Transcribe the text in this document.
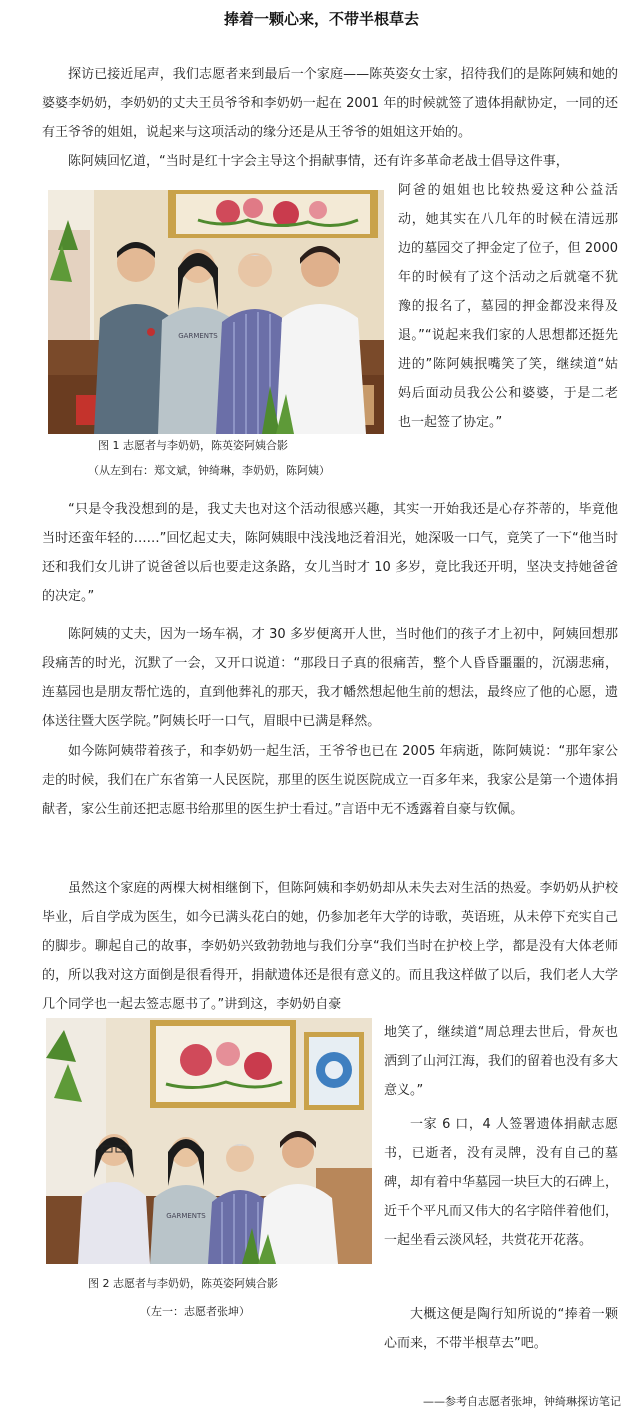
捧着一颗心来，不带半根草去
探访已接近尾声，我们志愿者来到最后一个家庭——陈英姿女士家，招待我们的是陈阿姨和她的婆婆李奶奶，李奶奶的丈夫王员爷爷和李奶奶一起在 2001 年的时候就签了遗体捐献协定，一同的还有王爷爷的姐姐，说起来与这项活动的缘分还是从王爷爷的姐姐这开始的。
陈阿姨回忆道，“当时是红十字会主导这个捐献事情，还有许多革命老战士倡导这件事，
阿爸的姐姐也比较热爱这种公益活动，她其实在八几年的时候在清远那边的墓园交了押金定了位子，但 2000 年的时候有了这个活动之后就毫不犹豫的报名了，墓园的押金都没来得及退。”“说起来我们家的人思想都还挺先进的”陈阿姨抿嘴笑了笑，继续道“姑妈后面动员我公公和婆婆，于是二老也一起签了协定。”
GARMENTS
图 1 志愿者与李奶奶，陈英姿阿姨合影
（从左到右：郑文斌，钟绮琳，李奶奶，陈阿姨）
“只是令我没想到的是，我丈夫也对这个活动很感兴趣，其实一开始我还是心存芥蒂的，毕竟他当时还蛮年轻的……”回忆起丈夫，陈阿姨眼中浅浅地泛着泪光，她深吸一口气，竟笑了一下“他当时还和我们女儿讲了说爸爸以后也要走这条路，女儿当时才 10 多岁，竟比我还开明，坚决支持她爸爸的决定。”
陈阿姨的丈夫，因为一场车祸，才 30 多岁便离开人世，当时他们的孩子才上初中，阿姨回想那段痛苦的时光，沉默了一会，又开口说道：“那段日子真的很痛苦，整个人昏昏噩噩的，沉溺悲痛，连墓园也是朋友帮忙选的，直到他葬礼的那天，我才幡然想起他生前的想法，最终应了他的心愿，遗体送往暨大医学院。”阿姨长吁一口气，眉眼中已满是释然。
如今陈阿姨带着孩子，和李奶奶一起生活，王爷爷也已在 2005 年病逝，陈阿姨说：“那年家公走的时候，我们在广东省第一人民医院，那里的医生说医院成立一百多年来，我家公是第一个遗体捐献者，家公生前还把志愿书给那里的医生护士看过。”言语中无不透露着自豪与钦佩。
虽然这个家庭的两棵大树相继倒下，但陈阿姨和李奶奶却从未失去对生活的热爱。李奶奶从护校毕业，后自学成为医生，如今已满头花白的她，仍参加老年大学的诗歌，英语班，从未停下充实自己的脚步。聊起自己的故事，李奶奶兴致勃勃地与我们分享“我们当时在护校上学，都是没有大体老师的，所以我对这方面倒是很看得开，捐献遗体还是很有意义的。而且我这样做了以后，我们老人大学几个同学也一起去签志愿书了。”讲到这，李奶奶自豪
地笑了，继续道“周总理去世后，骨灰也洒到了山河江海，我们的留着也没有多大意义。”
GARMENTS
图 2 志愿者与李奶奶，陈英姿阿姨合影
（左一：志愿者张坤）
一家 6 口，4 人签署遗体捐献志愿书，已逝者，没有灵牌，没有自己的墓碑，却有着中华墓园一块巨大的石碑上，近千个平凡而又伟大的名字陪伴着他们，一起坐看云淡风轻，共赏花开花落。
大概这便是陶行知所说的“捧着一颗心而来，不带半根草去”吧。
——参考自志愿者张坤，钟绮琳探访笔记
